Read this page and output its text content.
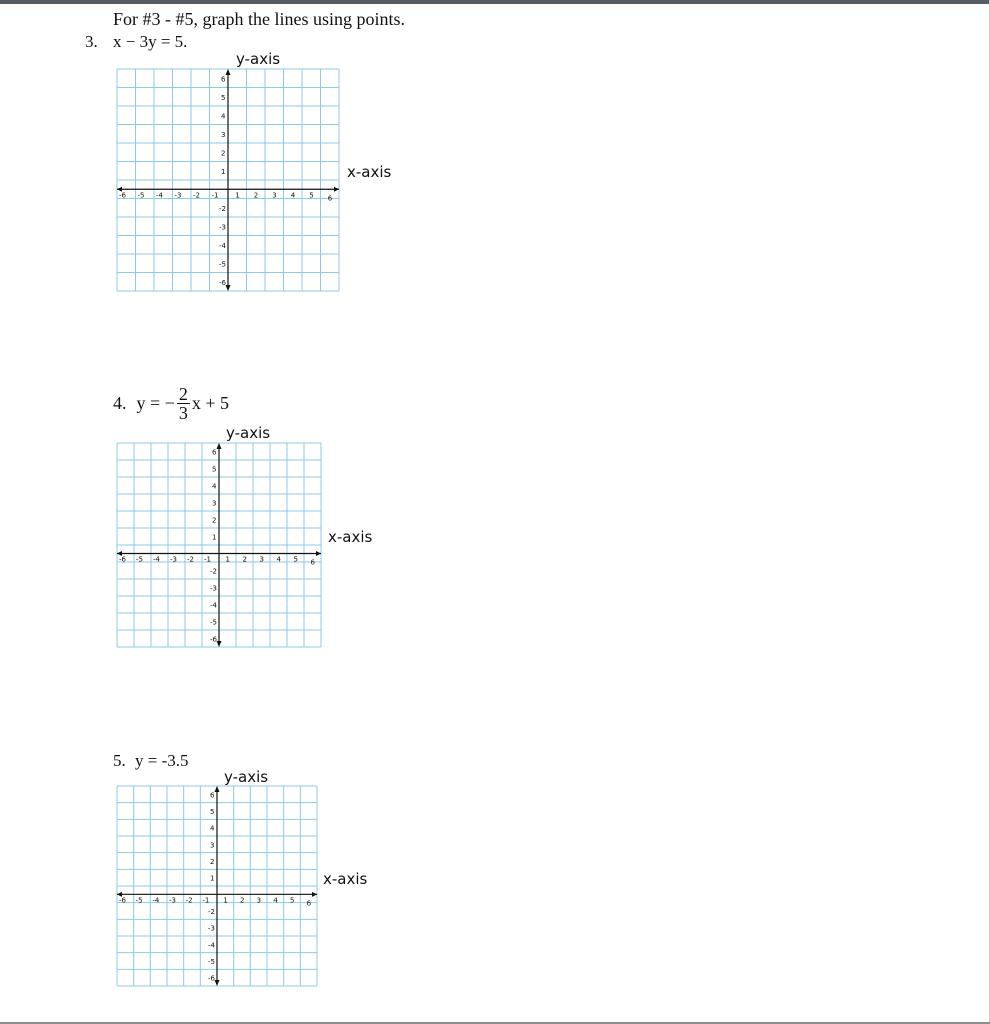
For #3 - #5, graph the lines using points.
3. x − 3y = 5.
y-axis
x-axis
-6 -5 -4 -3 -2 -1 1 2 3 4 5 6
6
5
4
3
2
1
-2
-3
-4
-5
-6
4. y = − $\frac{2}{3}$ x + 5
y-axis
x-axis
-6 -5 -4 -3 -2 -1 1 2 3 4 5 6
6
5
4
3
2
1
-2
-3
-4
-5
-6
5. y = -3.5
y-axis
x-axis
-6 -5 -4 -3 -2 -1 1 2 3 4 5 6
6
5
4
3
2
1
-2
-3
-4
-5
-6
